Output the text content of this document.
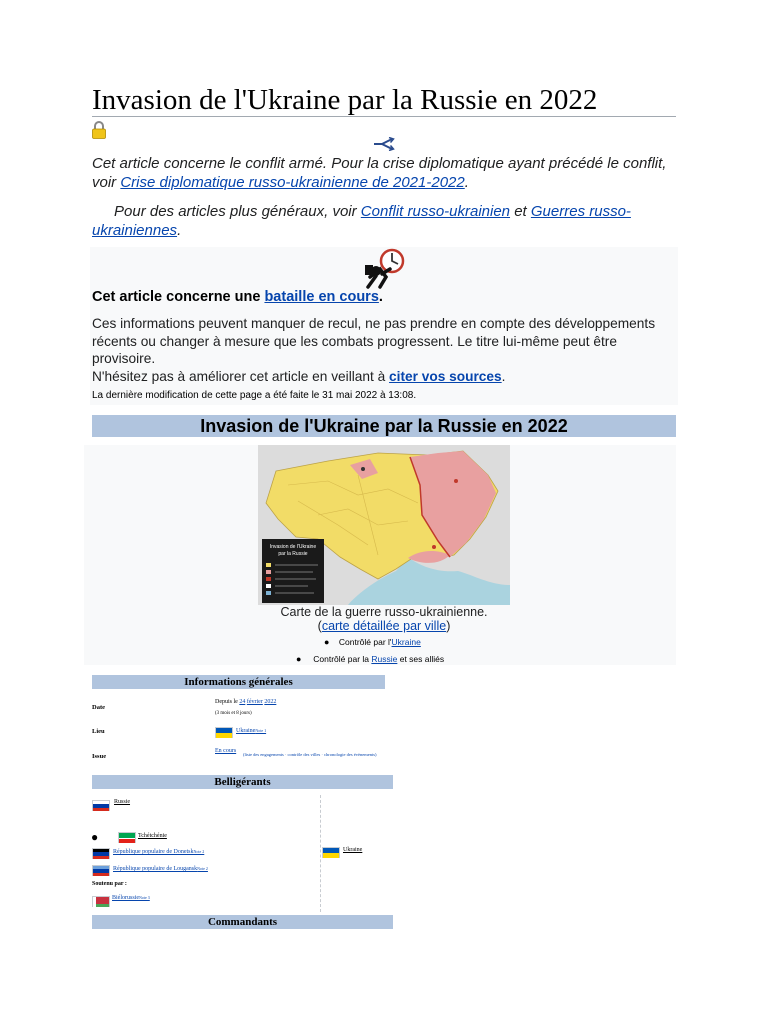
Invasion de l'Ukraine par la Russie en 2022
Cet article concerne le conflit armé. Pour la crise diplomatique ayant précédé le conflit, voir Crise diplomatique russo-ukrainienne de 2021-2022.
Pour des articles plus généraux, voir Conflit russo-ukrainien et Guerres russo-ukrainiennes.
Cet article concerne une bataille en cours.
Ces informations peuvent manquer de recul, ne pas prendre en compte des développements récents ou changer à mesure que les combats progressent. Le titre lui-même peut être provisoire.
N'hésitez pas à améliorer cet article en veillant à citer vos sources.
La dernière modification de cette page a été faite le 31 mai 2022 à 13:08.
Invasion de l'Ukraine par la Russie en 2022
Invasion de l'Ukraine
par la Russie
Carte de la guerre russo-ukrainienne.
(carte détaillée par ville)
● Contrôlé par l'Ukraine
● Contrôlé par la Russie et ses alliés
Informations générales
Date
Depuis le 24 février 2022
(3 mois et 8 jours)
Lieu	UkraineNote 1
Issue
En cours
(liste des engagements · contrôle des villes · chronologie des évènements)
Belligérants
Russie
●	Tchétchénie
République populaire de DonetskNote 2
République populaire de LouganskNote 2
Soutenu par :
BiélorussieNote 3
Ukraine
Commandants
